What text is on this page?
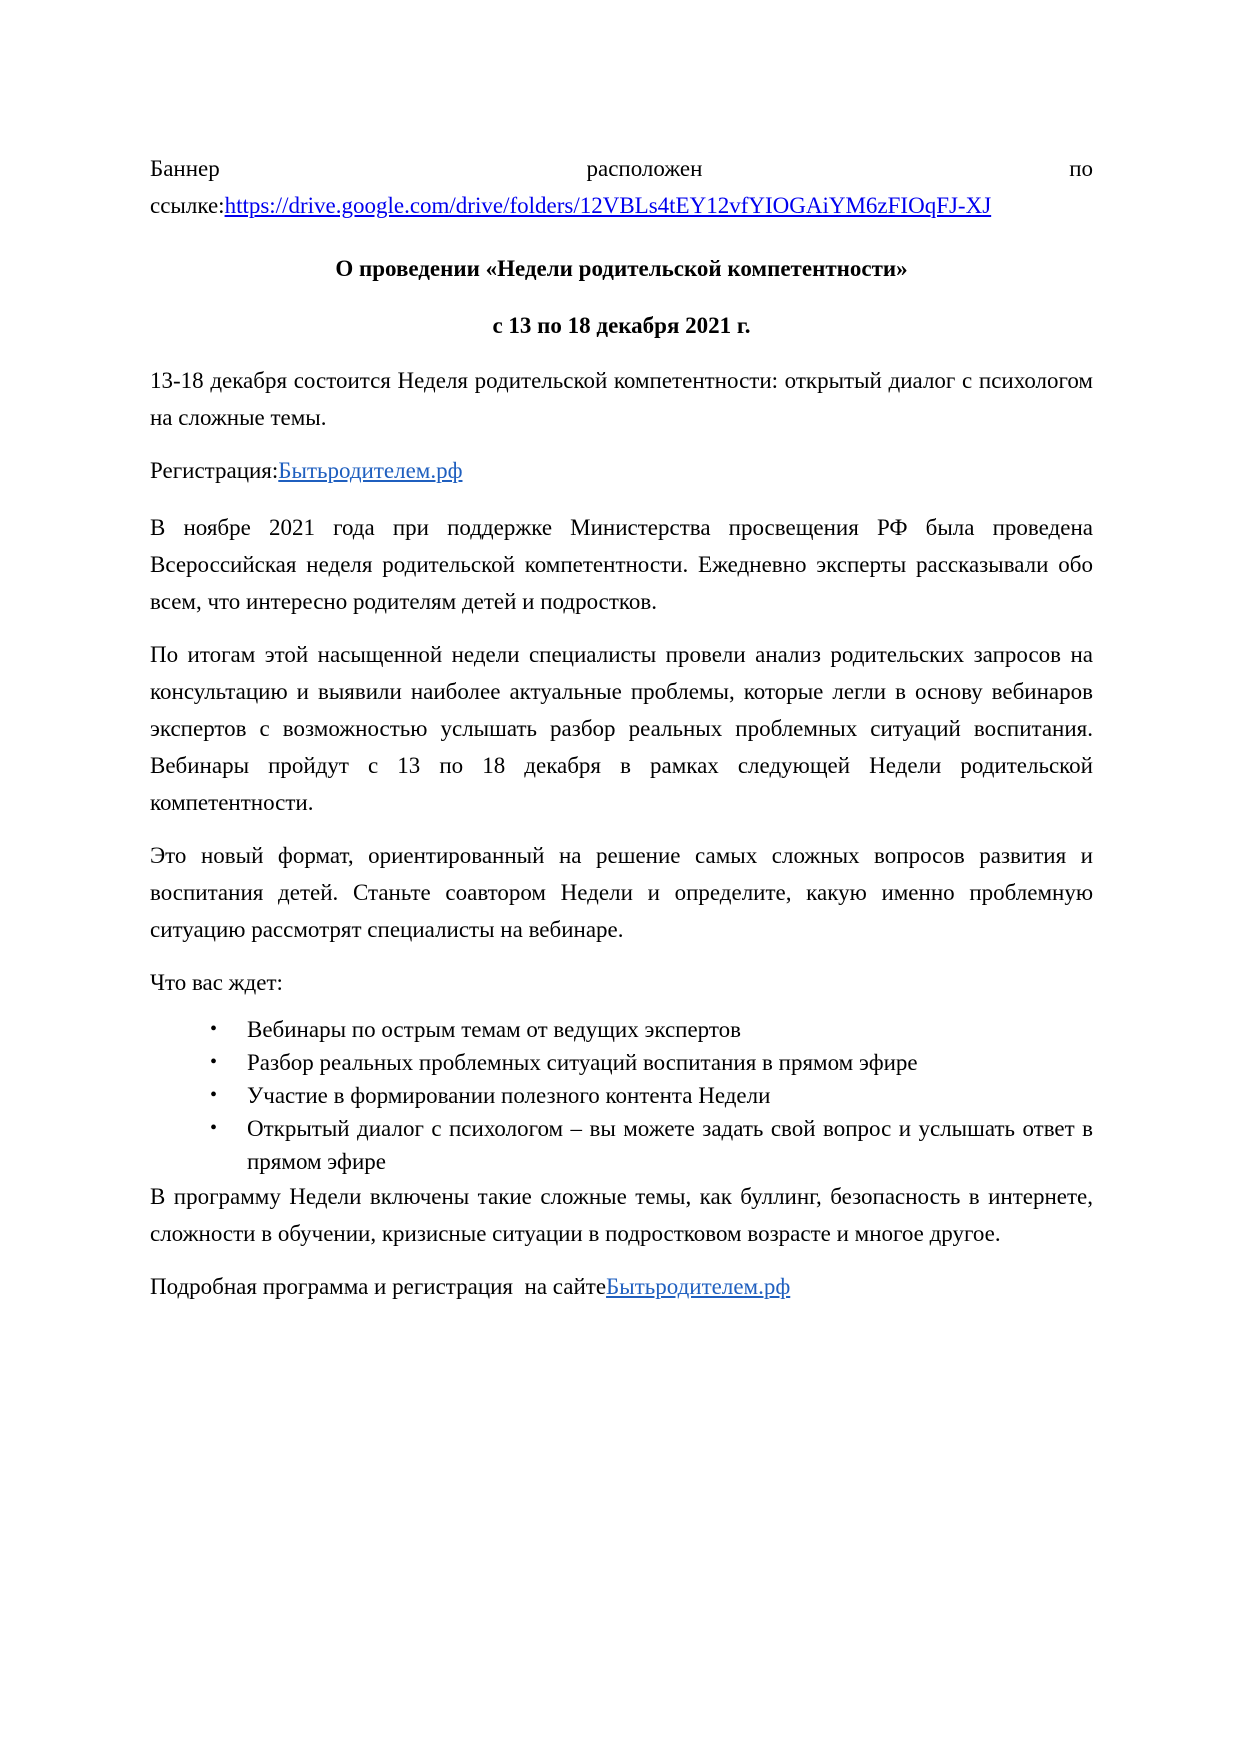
Баннер	расположен	по

ссылке:https://drive.google.com/drive/folders/12VBLs4tEY12vfYIOGAiYM6zFIOqFJ-XJ

О проведении «Недели родительской компетентности»
с 13 по 18 декабря 2021 г.

13-18 декабря состоится Неделя родительской компетентности: открытый диалог с психологом на сложные темы.

Регистрация:Бытьродителем.рф

В ноябре 2021 года при поддержке Министерства просвещения РФ была проведена Всероссийская неделя родительской компетентности. Ежедневно эксперты рассказывали обо всем, что интересно родителям детей и подростков.

По итогам этой насыщенной недели специалисты провели анализ родительских запросов на консультацию и выявили наиболее актуальные проблемы, которые легли в основу вебинаров экспертов с возможностью услышать разбор реальных проблемных ситуаций воспитания. Вебинары пройдут с 13 по 18 декабря в рамках следующей Недели родительской компетентности.

Это новый формат, ориентированный на решение самых сложных вопросов развития и воспитания детей. Станьте соавтором Недели и определите, какую именно проблемную ситуацию рассмотрят специалисты на вебинаре.

Что вас ждет:

• Вебинары по острым темам от ведущих экспертов
• Разбор реальных проблемных ситуаций воспитания в прямом эфире
• Участие в формировании полезного контента Недели
• Открытый диалог с психологом – вы можете задать свой вопрос и услышать ответ в прямом эфире

В программу Недели включены такие сложные темы, как буллинг, безопасность в интернете, сложности в обучении, кризисные ситуации в подростковом возрасте и многое другое.

Подробная программа и регистрация  на сайтеБытьродителем.рф
